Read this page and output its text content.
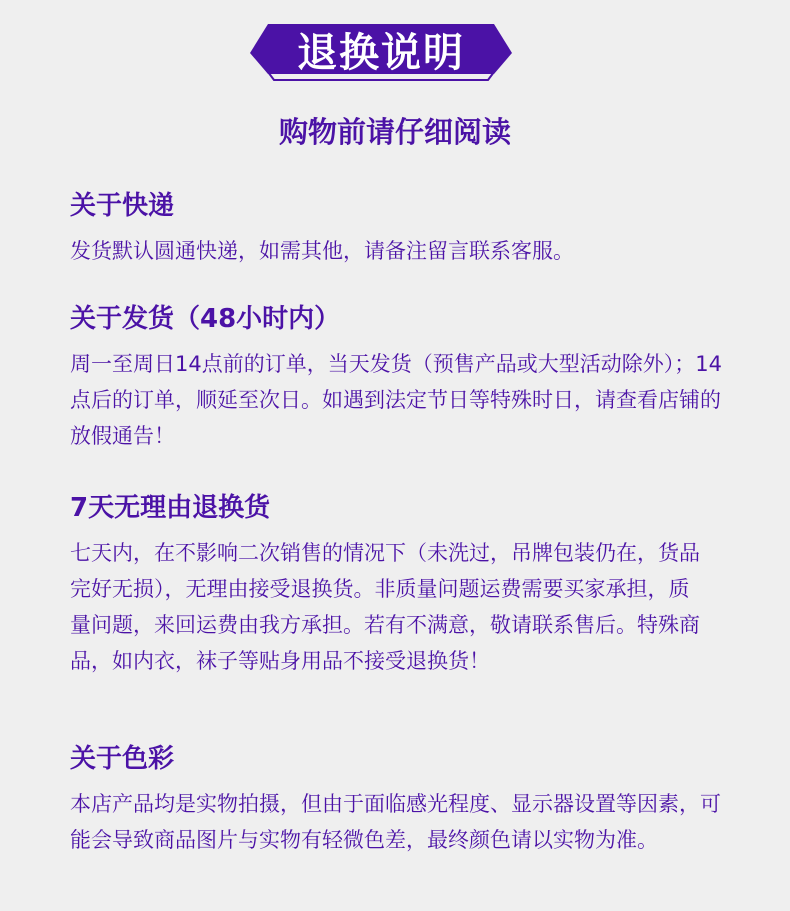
退换说明
购物前请仔细阅读
关于快递

发货默认圆通快递，如需其他，请备注留言联系客服。

关于发货（48小时内）

周一至周日14点前的订单，当天发货（预售产品或大型活动除外）；14点后的订单，顺延至次日。如遇到法定节日等特殊时日，请查看店铺的放假通告！

7天无理由退换货

七天内，在不影响二次销售的情况下（未洗过，吊牌包装仍在，货品完好无损），无理由接受退换货。非质量问题运费需要买家承担，质量问题，来回运费由我方承担。若有不满意，敬请联系售后。特殊商品，如内衣，袜子等贴身用品不接受退换货！

关于色彩

本店产品均是实物拍摄，但由于面临感光程度、显示器设置等因素，可能会导致商品图片与实物有轻微色差，最终颜色请以实物为准。
